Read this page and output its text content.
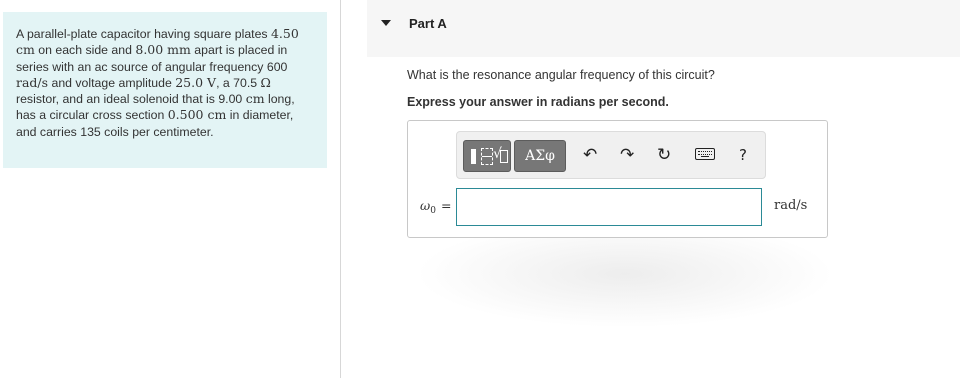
A parallel-plate capacitor having square plates 4.50 cm on each side and 8.00 mm apart is placed in series with an ac source of angular frequency 600 rad/s and voltage amplitude 25.0 V, a 70.5 Ω resistor, and an ideal solenoid that is 9.00 cm long, has a circular cross section 0.500 cm in diameter, and carries 135 coils per centimeter.
Part A
What is the resonance angular frequency of this circuit?
Express your answer in radians per second.
√	ΑΣφ	↶ ↷ ↻	?
$\omega_0$ =	rad/s
